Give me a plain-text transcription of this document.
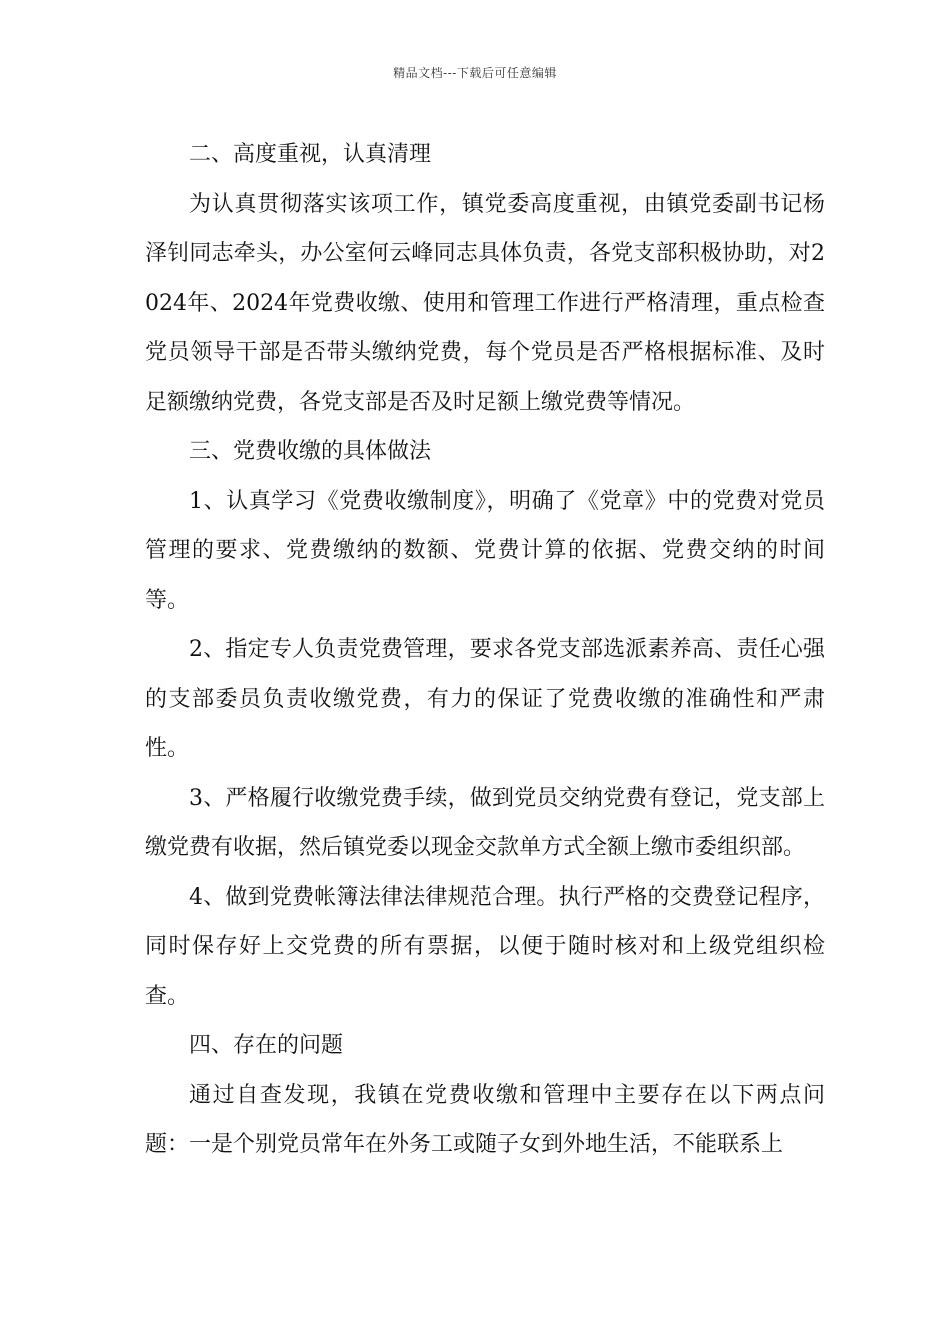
精品文档---下载后可任意编辑

二、高度重视，认真清理

为认真贯彻落实该项工作，镇党委高度重视，由镇党委副书记杨泽钊同志牵头，办公室何云峰同志具体负责，各党支部积极协助，对2024年、2024年党费收缴、使用和管理工作进行严格清理，重点检查党员领导干部是否带头缴纳党费，每个党员是否严格根据标准、及时足额缴纳党费，各党支部是否及时足额上缴党费等情况。

三、党费收缴的具体做法

1、认真学习《党费收缴制度》，明确了《党章》中的党费对党员管理的要求、党费缴纳的数额、党费计算的依据、党费交纳的时间等。

2、指定专人负责党费管理，要求各党支部选派素养高、责任心强的支部委员负责收缴党费，有力的保证了党费收缴的准确性和严肃性。

3、严格履行收缴党费手续，做到党员交纳党费有登记，党支部上缴党费有收据，然后镇党委以现金交款单方式全额上缴市委组织部。

4、做到党费帐簿法律法律规范合理。执行严格的交费登记程序，同时保存好上交党费的所有票据，以便于随时核对和上级党组织检查。

四、存在的问题

通过自查发现，我镇在党费收缴和管理中主要存在以下两点问题：一是个别党员常年在外务工或随子女到外地生活，不能联系上
